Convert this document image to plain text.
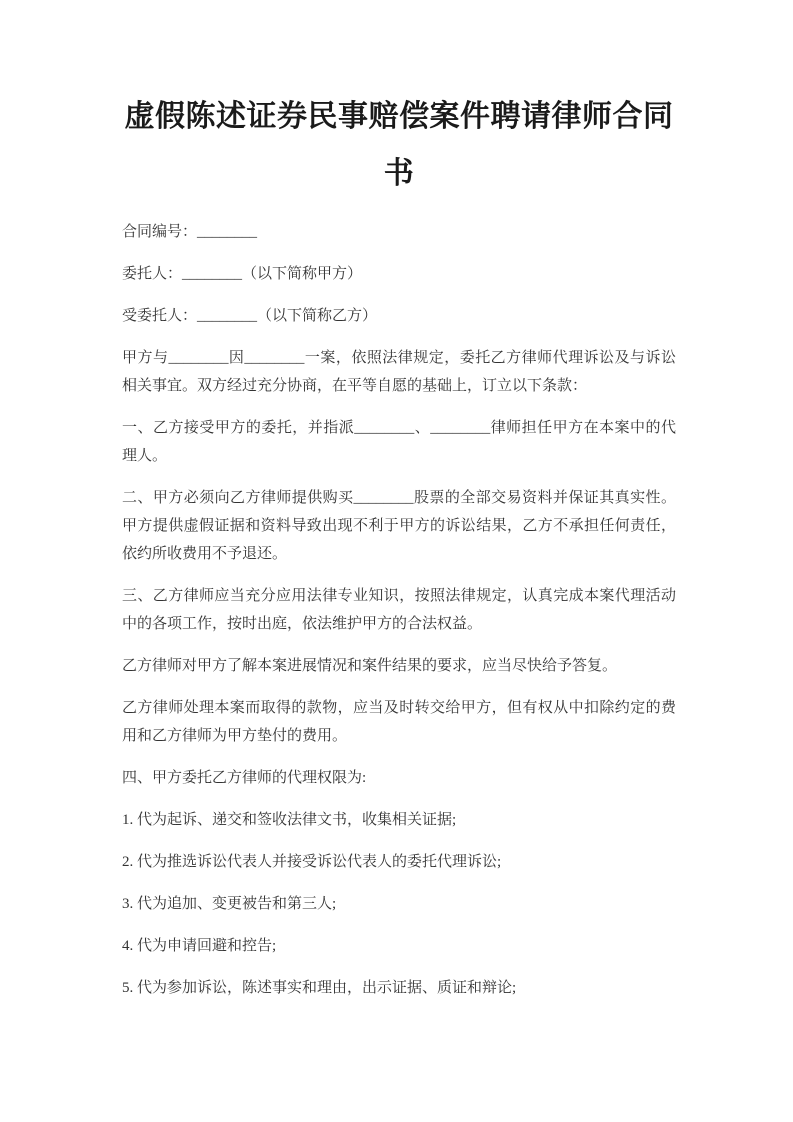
虚假陈述证券民事赔偿案件聘请律师合同书

合同编号：________

委托人：________（以下简称甲方）

受委托人：________（以下简称乙方）

甲方与________因________一案，依照法律规定，委托乙方律师代理诉讼及与诉讼相关事宜。双方经过充分协商，在平等自愿的基础上，订立以下条款：

一、乙方接受甲方的委托，并指派________、________律师担任甲方在本案中的代理人。

二、甲方必须向乙方律师提供购买________股票的全部交易资料并保证其真实性。甲方提供虚假证据和资料导致出现不利于甲方的诉讼结果，乙方不承担任何责任，依约所收费用不予退还。

三、乙方律师应当充分应用法律专业知识，按照法律规定，认真完成本案代理活动中的各项工作，按时出庭，依法维护甲方的合法权益。

乙方律师对甲方了解本案进展情况和案件结果的要求，应当尽快给予答复。

乙方律师处理本案而取得的款物，应当及时转交给甲方，但有权从中扣除约定的费用和乙方律师为甲方垫付的费用。

四、甲方委托乙方律师的代理权限为:

1. 代为起诉、递交和签收法律文书，收集相关证据;

2. 代为推选诉讼代表人并接受诉讼代表人的委托代理诉讼;

3. 代为追加、变更被告和第三人;

4. 代为申请回避和控告;

5. 代为参加诉讼，陈述事实和理由，出示证据、质证和辩论;
